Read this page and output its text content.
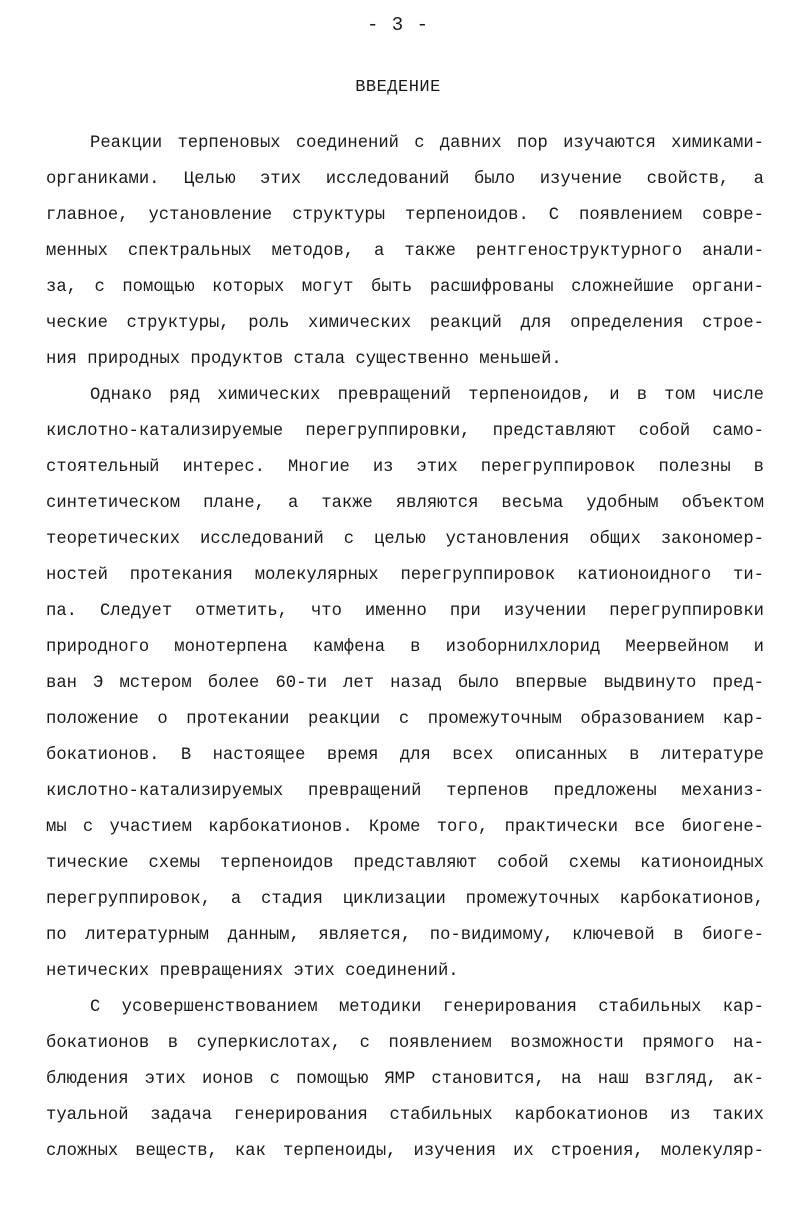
- 3 -
ВВЕДЕНИЕ
Реакции терпеновых соединений с давних пор изучаются химиками-
органиками. Целью этих исследований было изучение свойств, а
главное, установление структуры терпеноидов. С появлением совре-
менных спектральных методов, а также рентгеноструктурного анали-
за, с помощью которых могут быть расшифрованы сложнейшие органи-
ческие структуры, роль химических реакций для определения строе-
ния природных продуктов стала существенно меньшей.
Однако ряд химических превращений терпеноидов, и в том числе
кислотно-катализируемые перегруппировки, представляют собой само-
стоятельный интерес. Многие из этих перегруппировок полезны в
синтетическом плане, а также являются весьма удобным объектом
теоретических исследований с целью установления общих закономер-
ностей протекания молекулярных перегруппировок катионоидного ти-
па. Следует отметить, что именно при изучении перегруппировки
природного монотерпена камфена в изоборнилхлорид Меервейном и
ван Э мстером более 60-ти лет назад было впервые выдвинуто пред-
положение о протекании реакции с промежуточным образованием кар-
бокатионов. В настоящее время для всех описанных в литературе
кислотно-катализируемых превращений терпенов предложены механиз-
мы с участием карбокатионов. Кроме того, практически все биогене-
тические схемы терпеноидов представляют собой схемы катионоидных
перегруппировок, а стадия циклизации промежуточных карбокатионов,
по литературным данным, является, по-видимому, ключевой в биоге-
нетических превращениях этих соединений.
С усовершенствованием методики генерирования стабильных кар-
бокатионов в суперкислотах, с появлением возможности прямого на-
блюдения этих ионов с помощью ЯМР становится, на наш взгляд, ак-
туальной задача генерирования стабильных карбокатионов из таких
сложных веществ, как терпеноиды, изучения их строения, молекуляр-
